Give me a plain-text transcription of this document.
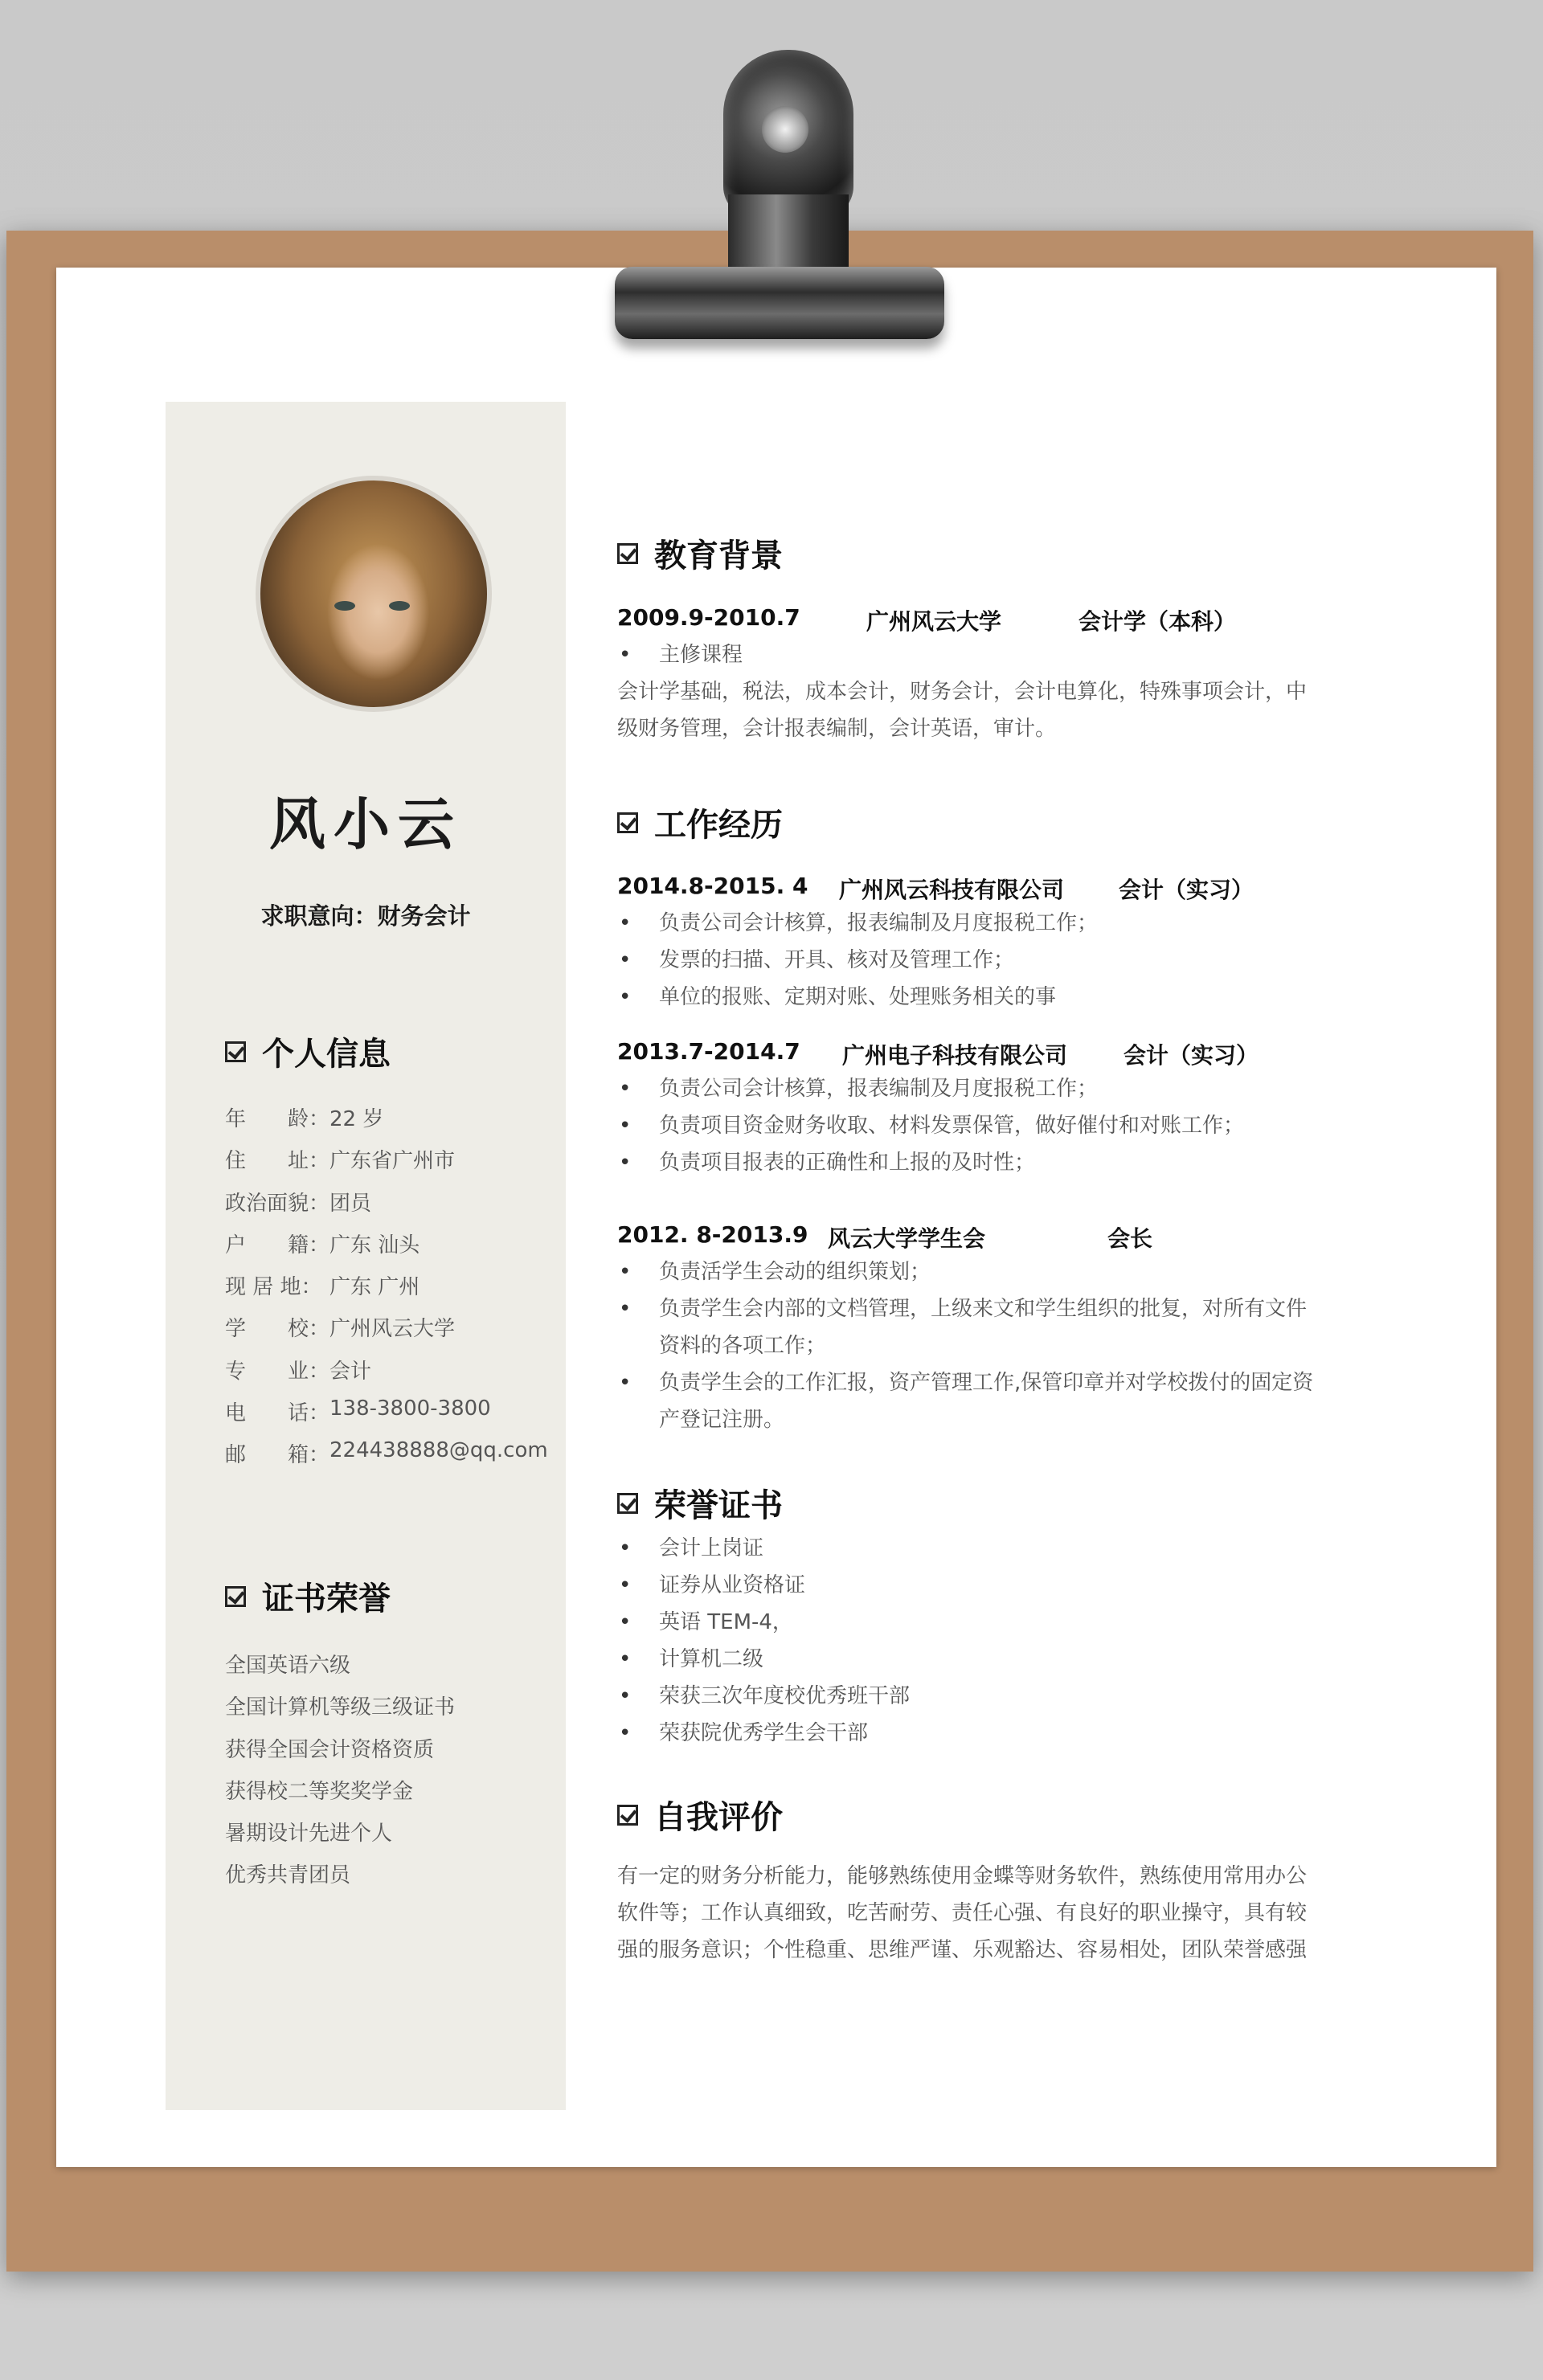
风小云
求职意向：财务会计
个人信息
年　　龄： 22 岁
住　　址： 广东省广州市
政治面貌： 团员
户　　籍： 广东 汕头
现 居 地： 广东 广州
学　　校： 广州风云大学
专　　业： 会计
电　　话： 138-3800-3800
邮　　箱： 224438888@qq.com
证书荣誉
全国英语六级
全国计算机等级三级证书
获得全国会计资格资质
获得校二等奖奖学金
暑期设计先进个人
优秀共青团员
教育背景
2009.9-2010.7	广州风云大学	会计学（本科）
• 主修课程
会计学基础，税法，成本会计，财务会计，会计电算化，特殊事项会计，中
级财务管理，会计报表编制，会计英语，审计。
工作经历
2014.8-2015. 4 广州风云科技有限公司 会计（实习）
• 负责公司会计核算，报表编制及月度报税工作；
• 发票的扫描、开具、核对及管理工作；
• 单位的报账、定期对账、处理账务相关的事
2013.7-2014.7 广州电子科技有限公司 会计（实习）
• 负责公司会计核算，报表编制及月度报税工作；
• 负责项目资金财务收取、材料发票保管，做好催付和对账工作；
• 负责项目报表的正确性和上报的及时性；
2012. 8-2013.9 风云大学学生会	会长
• 负责活学生会动的组织策划；
• 负责学生会内部的文档管理，上级来文和学生组织的批复，对所有文件资料的各项工作；
• 负责学生会的工作汇报，资产管理工作,保管印章并对学校拨付的固定资产登记注册。
荣誉证书
• 会计上岗证
• 证券从业资格证
• 英语 TEM-4，
• 计算机二级
• 荣获三次年度校优秀班干部
• 荣获院优秀学生会干部
自我评价
有一定的财务分析能力，能够熟练使用金蝶等财务软件，熟练使用常用办公
软件等；工作认真细致，吃苦耐劳、责任心强、有良好的职业操守，具有较
强的服务意识；个性稳重、思维严谨、乐观豁达、容易相处，团队荣誉感强
